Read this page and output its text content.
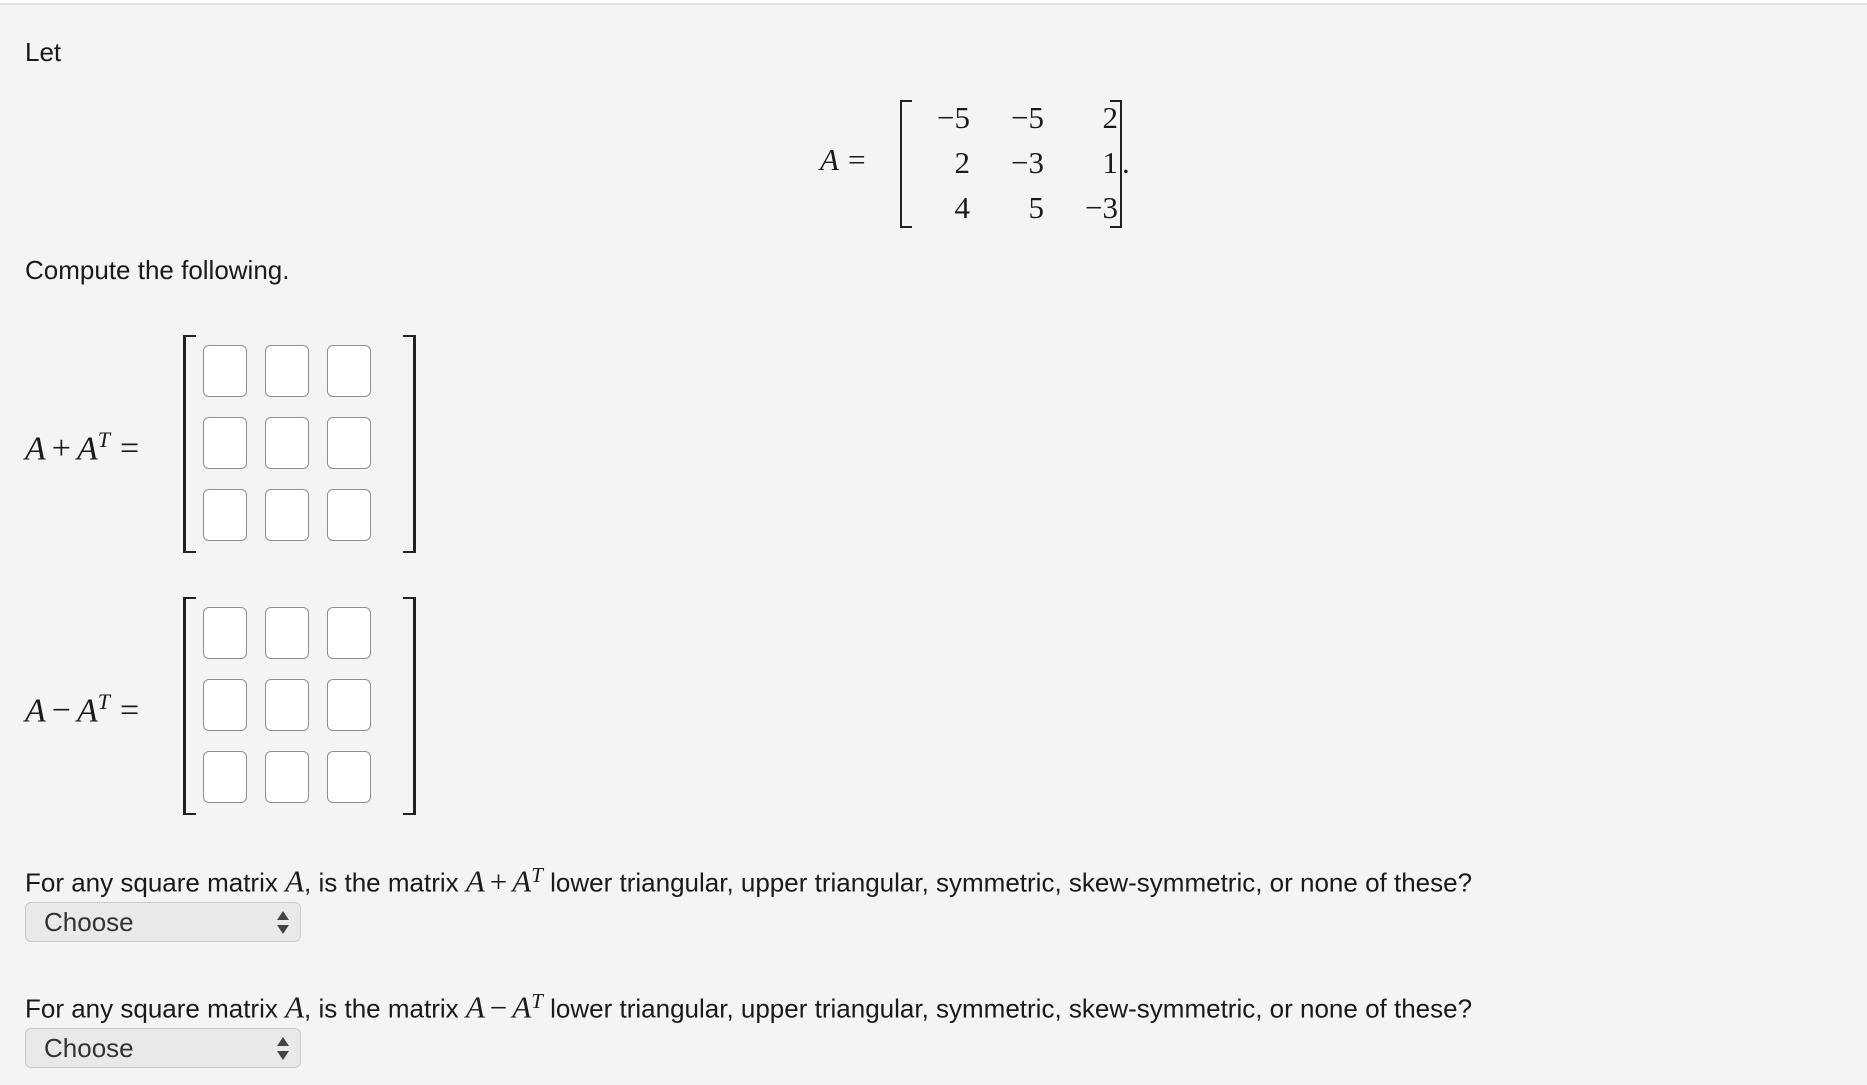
Let
A =
−5	−5	2
2	−3	1
4	5	−3
.
Compute the following.
$A + A^T$ =
$A - A^T$ =
For any square matrix A, is the matrix $A + A^T$ lower triangular, upper triangular, symmetric, skew-symmetric, or none of these?
Choose
For any square matrix A, is the matrix $A - A^T$ lower triangular, upper triangular, symmetric, skew-symmetric, or none of these?
Choose
